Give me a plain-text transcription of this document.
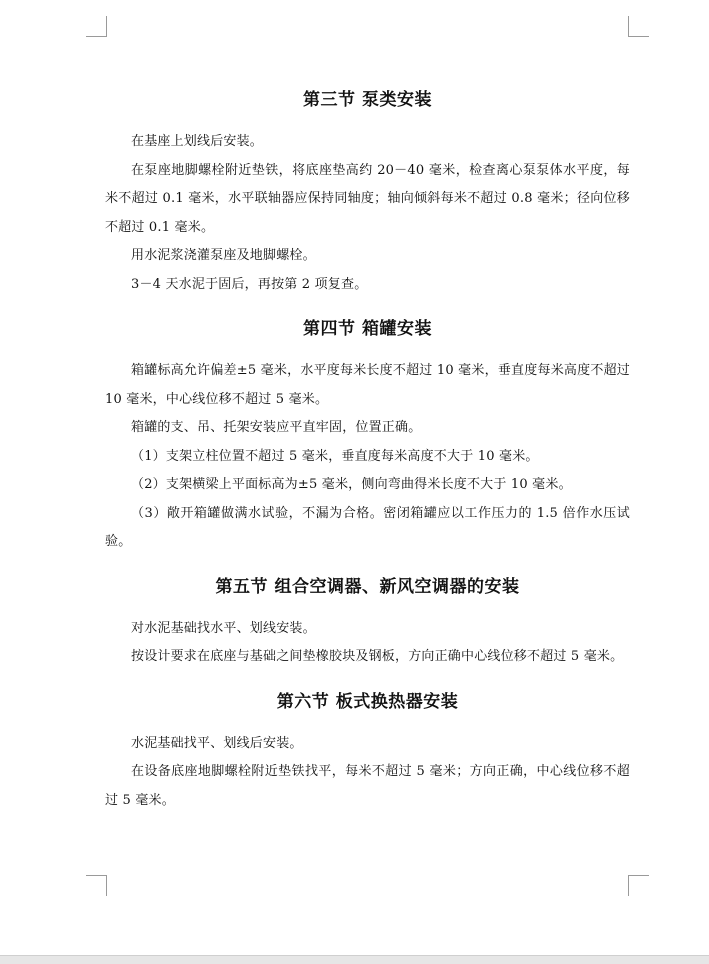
第三节 泵类安装

在基座上划线后安装。

在泵座地脚螺栓附近垫铁，将底座垫高约 20－40 毫米，检查离心泵泵体水平度，每米不超过 0.1 毫米，水平联轴器应保持同轴度；轴向倾斜每米不超过 0.8 毫米；径向位移不超过 0.1 毫米。

用水泥浆浇灌泵座及地脚螺栓。

3－4 天水泥于固后，再按第 2 项复查。

第四节 箱罐安装

箱罐标高允许偏差±5 毫米，水平度每米长度不超过 10 毫米，垂直度每米高度不超过 10 毫米，中心线位移不超过 5 毫米。

箱罐的支、吊、托架安装应平直牢固，位置正确。

（1）支架立柱位置不超过 5 毫米，垂直度每米高度不大于 10 毫米。

（2）支架横梁上平面标高为±5 毫米，侧向弯曲得米长度不大于 10 毫米。

（3）敞开箱罐做满水试验，不漏为合格。密闭箱罐应以工作压力的 1.5 倍作水压试验。

第五节 组合空调器、新风空调器的安装

对水泥基础找水平、划线安装。

按设计要求在底座与基础之间垫橡胶块及钢板，方向正确中心线位移不超过 5 毫米。

第六节 板式换热器安装

水泥基础找平、划线后安装。

在设备底座地脚螺栓附近垫铁找平，每米不超过 5 毫米；方向正确，中心线位移不超过 5 毫米。
